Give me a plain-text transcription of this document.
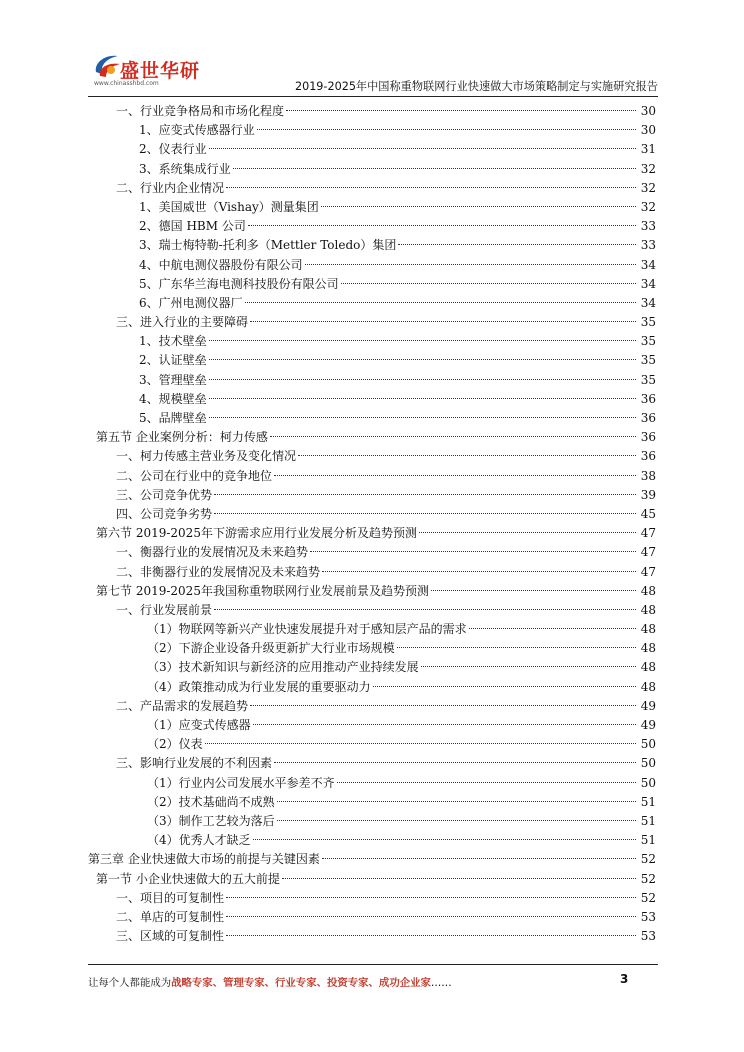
盛世华研
www.chinasshbd.com	2019-2025年中国称重物联网行业快速做大市场策略制定与实施研究报告
一、行业竞争格局和市场化程度	30
1、应变式传感器行业	30
2、仪表行业	31
3、系统集成行业	32
二、行业内企业情况	32
1、美国威世（Vishay）测量集团	32
2、德国 HBM 公司	33
3、瑞士梅特勒-托利多（Mettler Toledo）集团	33
4、中航电测仪器股份有限公司	34
5、广东华兰海电测科技股份有限公司	34
6、广州电测仪器厂	34
三、进入行业的主要障碍	35
1、技术壁垒	35
2、认证壁垒	35
3、管理壁垒	35
4、规模壁垒	36
5、品牌壁垒	36
第五节 企业案例分析：柯力传感	36
一、柯力传感主营业务及变化情况	36
二、公司在行业中的竞争地位	38
三、公司竞争优势	39
四、公司竞争劣势	45
第六节 2019-2025年下游需求应用行业发展分析及趋势预测	47
一、衡器行业的发展情况及未来趋势	47
二、非衡器行业的发展情况及未来趋势	47
第七节 2019-2025年我国称重物联网行业发展前景及趋势预测	48
一、行业发展前景	48
（1）物联网等新兴产业快速发展提升对于感知层产品的需求	48
（2）下游企业设备升级更新扩大行业市场规模	48
（3）技术新知识与新经济的应用推动产业持续发展	48
（4）政策推动成为行业发展的重要驱动力	48
二、产品需求的发展趋势	49
（1）应变式传感器	49
（2）仪表	50
三、影响行业发展的不利因素	50
（1）行业内公司发展水平参差不齐	50
（2）技术基础尚不成熟	51
（3）制作工艺较为落后	51
（4）优秀人才缺乏	51
第三章 企业快速做大市场的前提与关键因素	52
第一节 小企业快速做大的五大前提	52
一、项目的可复制性	52
二、单店的可复制性	53
三、区域的可复制性	53
让每个人都能成为战略专家、管理专家、行业专家、投资专家、成功企业家……	3
